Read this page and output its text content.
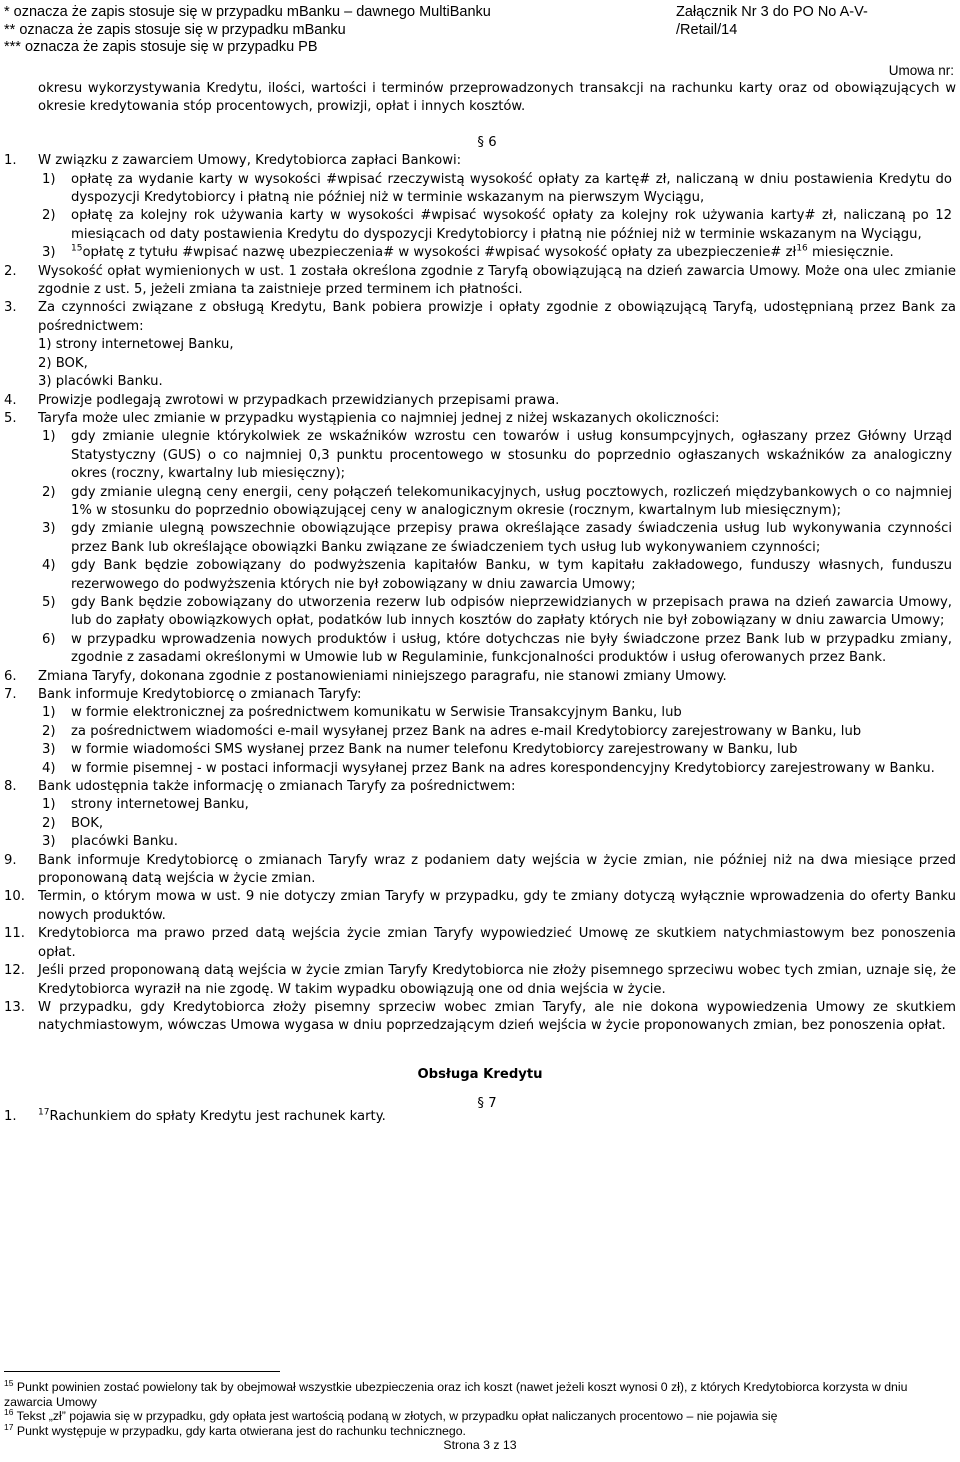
* oznacza że zapis stosuje się w przypadku mBanku – dawnego MultiBanku
** oznacza że zapis stosuje się w przypadku mBanku
*** oznacza że zapis stosuje się w przypadku PB
Załącznik Nr 3 do PO No A-V-/Retail/14
Umowa nr:

okresu wykorzystywania Kredytu, ilości, wartości i terminów przeprowadzonych transakcji na rachunku karty oraz od obowiązujących w okresie kredytowania stóp procentowych, prowizji, opłat i innych kosztów.

§ 6

1.	W związku z zawarciem Umowy, Kredytobiorca zapłaci Bankowi:
1)	opłatę za wydanie karty w wysokości #wpisać rzeczywistą wysokość opłaty za kartę# zł, naliczaną w dniu postawienia Kredytu do dyspozycji Kredytobiorcy i płatną nie później niż w terminie wskazanym na pierwszym Wyciągu,
2)	opłatę za kolejny rok używania karty w wysokości #wpisać wysokość opłaty za kolejny rok używania karty# zł, naliczaną po 12 miesiącach od daty postawienia Kredytu do dyspozycji Kredytobiorcy i płatną nie później niż w terminie wskazanym na Wyciągu,
3)	$^{15}$opłatę z tytułu #wpisać nazwę ubezpieczenia# w wysokości #wpisać wysokość opłaty za ubezpieczenie# $zł^{16}$ miesięcznie.
2.	Wysokość opłat wymienionych w ust. 1 została określona zgodnie z Taryfą obowiązującą na dzień zawarcia Umowy. Może ona ulec zmianie zgodnie z ust. 5, jeżeli zmiana ta zaistnieje przed terminem ich płatności.
3.	Za czynności związane z obsługą Kredytu, Bank pobiera prowizje i opłaty zgodnie z obowiązującą Taryfą, udostępnianą przez Bank za pośrednictwem:
1) strony internetowej Banku,
2) BOK,
3) placówki Banku.
4.	Prowizje podlegają zwrotowi w przypadkach przewidzianych przepisami prawa.
5.	Taryfa może ulec zmianie w przypadku wystąpienia co najmniej jednej z niżej wskazanych okoliczności:
1)	gdy zmianie ulegnie którykolwiek ze wskaźników wzrostu cen towarów i usług konsumpcyjnych, ogłaszany przez Główny Urząd Statystyczny (GUS) o co najmniej 0,3 punktu procentowego w stosunku do poprzednio ogłaszanych wskaźników za analogiczny okres (roczny, kwartalny lub miesięczny);
2)	gdy zmianie ulegną ceny energii, ceny połączeń telekomunikacyjnych, usług pocztowych, rozliczeń międzybankowych o co najmniej 1% w stosunku do poprzednio obowiązującej ceny w analogicznym okresie (rocznym, kwartalnym lub miesięcznym);
3)	gdy zmianie ulegną powszechnie obowiązujące przepisy prawa określające zasady świadczenia usług lub wykonywania czynności przez Bank lub określające obowiązki Banku związane ze świadczeniem tych usług lub wykonywaniem czynności;
4)	gdy Bank będzie zobowiązany do podwyższenia kapitałów Banku, w tym kapitału zakładowego, funduszy własnych, funduszu rezerwowego do podwyższenia których nie był zobowiązany w dniu zawarcia Umowy;
5)	gdy Bank będzie zobowiązany do utworzenia rezerw lub odpisów nieprzewidzianych w przepisach prawa na dzień zawarcia Umowy, lub do zapłaty obowiązkowych opłat, podatków lub innych kosztów do zapłaty których nie był zobowiązany w dniu zawarcia Umowy;
6)	w przypadku wprowadzenia nowych produktów i usług, które dotychczas nie były świadczone przez Bank lub w przypadku zmiany, zgodnie z zasadami określonymi w Umowie lub w Regulaminie, funkcjonalności produktów i usług oferowanych przez Bank.
6.	Zmiana Taryfy, dokonana zgodnie z postanowieniami niniejszego paragrafu, nie stanowi zmiany Umowy.
7.	Bank informuje Kredytobiorcę o zmianach Taryfy:
1)	w formie elektronicznej za pośrednictwem komunikatu w Serwisie Transakcyjnym Banku, lub
2)	za pośrednictwem wiadomości e-mail wysyłanej przez Bank na adres e-mail Kredytobiorcy zarejestrowany w Banku, lub
3)	w formie wiadomości SMS wysłanej przez Bank na numer telefonu Kredytobiorcy zarejestrowany w Banku, lub
4)	w formie pisemnej - w postaci informacji wysyłanej przez Bank na adres korespondencyjny Kredytobiorcy zarejestrowany w Banku.
8.	Bank udostępnia także informację o zmianach Taryfy za pośrednictwem:
1)	strony internetowej Banku,
2)	BOK,
3)	placówki Banku.
9.	Bank informuje Kredytobiorcę o zmianach Taryfy wraz z podaniem daty wejścia w życie zmian, nie później niż na dwa miesiące przed proponowaną datą wejścia w życie zmian.
10. Termin, o którym mowa w ust. 9 nie dotyczy zmian Taryfy w przypadku, gdy te zmiany dotyczą wyłącznie wprowadzenia do oferty Banku nowych produktów.
11. Kredytobiorca ma prawo przed datą wejścia życie zmian Taryfy wypowiedzieć Umowę ze skutkiem natychmiastowym bez ponoszenia opłat.
12. Jeśli przed proponowaną datą wejścia w życie zmian Taryfy Kredytobiorca nie złoży pisemnego sprzeciwu wobec tych zmian, uznaje się, że Kredytobiorca wyraził na nie zgodę. W takim wypadku obowiązują one od dnia wejścia w życie.
13. W przypadku, gdy Kredytobiorca złoży pisemny sprzeciw wobec zmian Taryfy, ale nie dokona wypowiedzenia Umowy ze skutkiem natychmiastowym, wówczas Umowa wygasa w dniu poprzedzającym dzień wejścia w życie proponowanych zmian, bez ponoszenia opłat.

Obsługa Kredytu

§ 7

1.	$^{17}$Rachunkiem do spłaty Kredytu jest rachunek karty.

$^{15}$ Punkt powinien zostać powielony tak by obejmował wszystkie ubezpieczenia oraz ich koszt (nawet jeżeli koszt wynosi 0 zł), z których Kredytobiorca korzysta w dniu zawarcia Umowy

$^{16}$ Tekst „zł” pojawia się w przypadku, gdy opłata jest wartością podaną w złotych, w przypadku opłat naliczanych procentowo – nie pojawia się

$^{17}$ Punkt występuje w przypadku, gdy karta otwierana jest do rachunku technicznego.

Strona 3 z 13
